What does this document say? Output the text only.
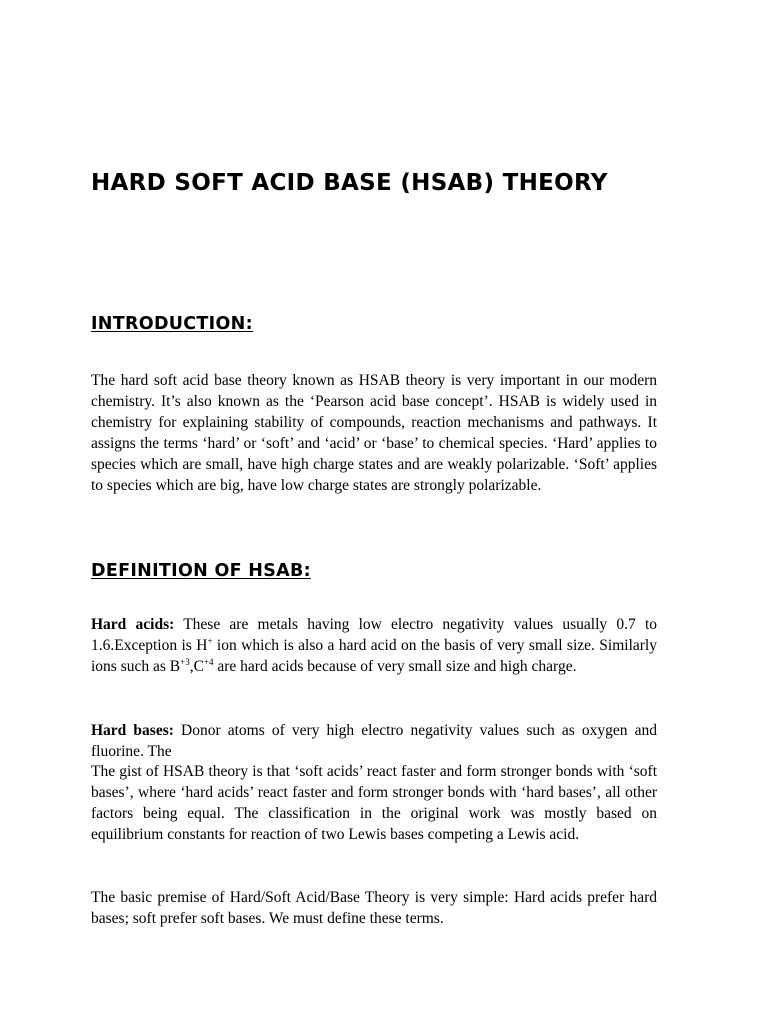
HARD SOFT ACID BASE (HSAB) THEORY
INTRODUCTION:

The hard soft acid base theory known as HSAB theory is very important in our modern chemistry. It’s also known as the ‘Pearson acid base concept’. HSAB is widely used in chemistry for explaining stability of compounds, reaction mechanisms and pathways. It assigns the terms ‘hard’ or ‘soft’ and ‘acid’ or ‘base’ to chemical species. ‘Hard’ applies to species which are small, have high charge states and are weakly polarizable. ‘Soft’ applies to species which are big, have low charge states are strongly polarizable.

DEFINITION OF HSAB:

Hard acids: These are metals having low electro negativity values usually 0.7 to 1.6.Exception is H+ ion which is also a hard acid on the basis of very small size. Similarly ions such as $B^{+3},C^{+4}$ are hard acids because of very small size and high charge.

Hard bases: Donor atoms of very high electro negativity values such as oxygen and fluorine. The

The gist of HSAB theory is that ‘soft acids’ react faster and form stronger bonds with ‘soft bases’, where ‘hard acids’ react faster and form stronger bonds with ‘hard bases’, all other factors being equal. The classification in the original work was mostly based on equilibrium constants for reaction of two Lewis bases competing a Lewis acid.

The basic premise of Hard/Soft Acid/Base Theory is very simple: Hard acids prefer hard bases; soft prefer soft bases. We must define these terms.
